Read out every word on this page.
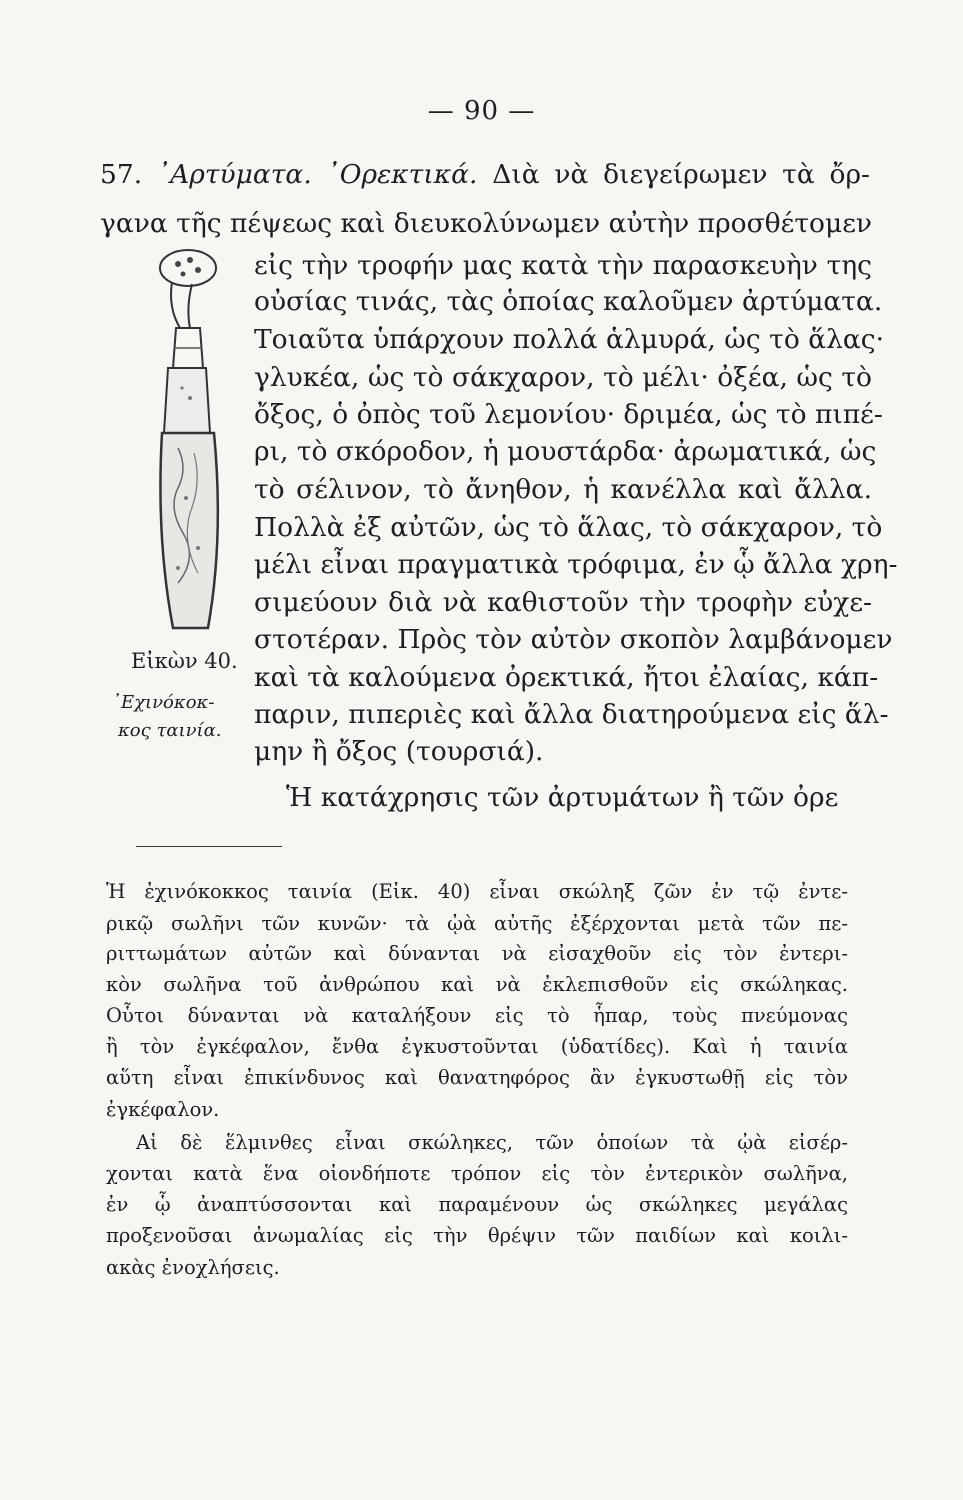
— 90 —
57. ᾿Αρτύματα. ᾿Ορεκτικά. Διὰ νὰ διεγείρωμεν τὰ ὄρ-
γανα τῆς πέψεως καὶ διευκολύνωμεν αὐτὴν προσθέτομεν
εἰς τὴν τροφήν μας κατὰ τὴν παρασκευὴν της
οὐσίας τινάς, τὰς ὁποίας καλοῦμεν ἀρτύματα.
Τοιαῦτα ὑπάρχουν πολλά ἁλμυρά, ὡς τὸ ἅλας·
γλυκέα, ὡς τὸ σάκχαρον, τὸ μέλι· ὀξέα, ὡς τὸ
ὄξος, ὁ ὀπὸς τοῦ λεμονίου· δριμέα, ὡς τὸ πιπέ-
ρι, τὸ σκόροδον, ἡ μουστάρδα· ἀρωματικά, ὡς
τὸ σέλινον, τὸ ἄνηθον, ἡ κανέλλα καὶ ἄλλα.
Πολλὰ ἐξ αὐτῶν, ὡς τὸ ἅλας, τὸ σάκχαρον, τὸ
μέλι εἶναι πραγματικὰ τρόφιμα, ἐν ᾧ ἄλλα χρη-
σιμεύουν διὰ νὰ καθιστοῦν τὴν τροφὴν εὐχε-
στοτέραν. Πρὸς τὸν αὐτὸν σκοπὸν λαμβάνομεν
καὶ τὰ καλούμενα ὀρεκτικά, ἤτοι ἐλαίας, κάπ-
παριν, πιπεριὲς καὶ ἄλλα διατηρούμενα εἰς ἅλ-
μην ἢ ὄξος (τουρσιά).
Ἡ κατάχρησις τῶν ἀρτυμάτων ἢ τῶν ὀρε
Εἰκὼν 40.
᾿Εχινόκοκ-
κος ταινία.
Ἡ ἐχινόκοκκος ταινία (Εἰκ. 40) εἶναι σκώληξ ζῶν ἐν τῷ ἐντε-
ρικῷ σωλῆνι τῶν κυνῶν· τὰ ᾠὰ αὐτῆς ἐξέρχονται μετὰ τῶν πε-
ριττωμάτων αὐτῶν καὶ δύνανται νὰ εἰσαχθοῦν εἰς τὸν ἐντερι-
κὸν σωλῆνα τοῦ ἀνθρώπου καὶ νὰ ἐκλεπισθοῦν εἰς σκώληκας.
Οὗτοι δύνανται νὰ καταλήξουν εἰς τὸ ἧπαρ, τοὺς πνεύμονας
ἢ τὸν ἐγκέφαλον, ἔνθα ἐγκυστοῦνται (ὑδατίδες). Καὶ ἡ ταινία
αὕτη εἶναι ἐπικίνδυνος καὶ θανατηφόρος ἂν ἐγκυστωθῇ εἰς τὸν
ἐγκέφαλον.
Αἱ δὲ ἕλμινθες εἶναι σκώληκες, τῶν ὁποίων τὰ ᾠὰ εἰσέρ-
χονται κατὰ ἕνα οἱονδήποτε τρόπον εἰς τὸν ἐντερικὸν σωλῆνα,
ἐν ᾧ ἀναπτύσσονται καὶ παραμένουν ὡς σκώληκες μεγάλας
προξενοῦσαι ἀνωμαλίας εἰς τὴν θρέψιν τῶν παιδίων καὶ κοιλι-
ακὰς ἐνοχλήσεις.
